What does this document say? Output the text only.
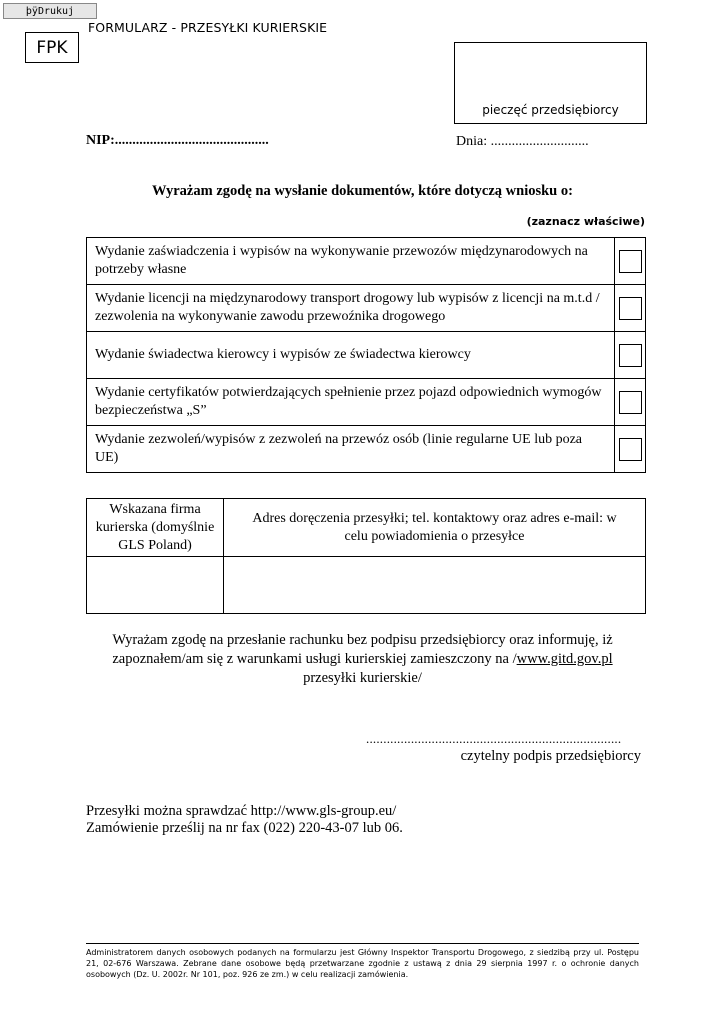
þÿDrukuj
FORMULARZ - PRZESYŁKI KURIERSKIE
FPK
pieczęć przedsiębiorcy
NIP:............................................	Dnia: ............................
Wyrażam zgodę na wysłanie dokumentów, które dotyczą wniosku o:
(zaznacz właściwe)
Wydanie zaświadczenia i wypisów na wykonywanie przewozów międzynarodowych na potrzeby własne	
Wydanie licencji na międzynarodowy transport drogowy lub wypisów z licencji na m.t.d / zezwolenia na wykonywanie zawodu przewoźnika drogowego	
Wydanie świadectwa kierowcy i wypisów ze świadectwa kierowcy	
Wydanie certyfikatów potwierdzających spełnienie przez pojazd odpowiednich wymogów bezpieczeństwa „S”	
Wydanie zezwoleń/wypisów z zezwoleń na przewóz osób (linie regularne UE lub poza UE)	
Wskazana firma kurierska (domyślnie GLS Poland)	Adres doręczenia przesyłki; tel. kontaktowy oraz adres e-mail: w celu powiadomienia o przesyłce

Wyrażam zgodę na przesłanie rachunku bez podpisu przedsiębiorcy oraz informuję, iż zapoznałem/am się z warunkami usługi kurierskiej zamieszczony na /www.gitd.gov.pl przesyłki kurierskie/
..........................................................................
czytelny podpis przedsiębiorcy
Przesyłki można sprawdzać http://www.gls-group.eu/
Zamówienie prześlij na nr fax (022) 220-43-07 lub 06.
Administratorem danych osobowych podanych na formularzu jest Główny Inspektor Transportu Drogowego, z siedzibą przy ul. Postępu 21, 02-676 Warszawa. Zebrane dane osobowe będą przetwarzane zgodnie z ustawą z dnia 29 sierpnia 1997 r. o ochronie danych osobowych (Dz. U. 2002r. Nr 101, poz. 926 ze zm.) w celu realizacji zamówienia.
